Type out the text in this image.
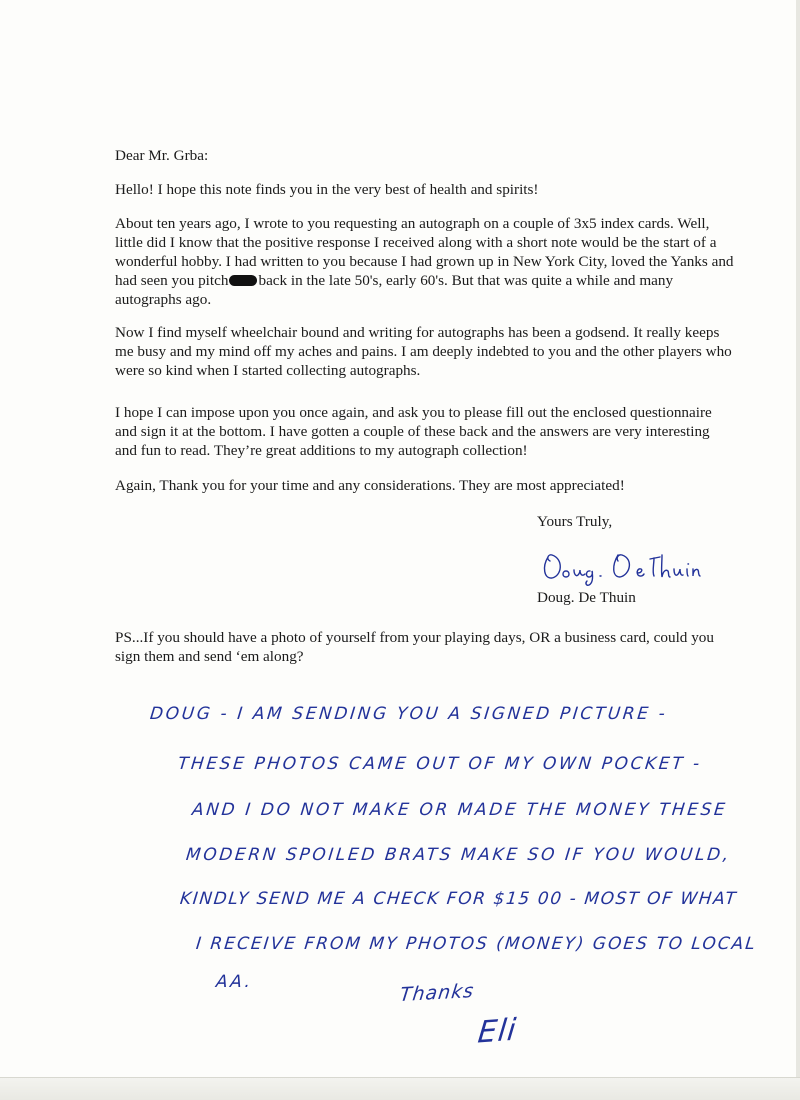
Dear Mr. Grba:

Hello! I hope this note finds you in the very best of health and spirits!

About ten years ago, I wrote to you requesting an autograph on a couple of 3x5 index cards. Well, little did I know that the positive response I received along with a short note would be the start of a wonderful hobby. I had written to you because I had grown up in New York City, loved the Yanks and had seen you pitch back in the late 50's, early 60's. But that was quite a while and many autographs ago.

Now I find myself wheelchair bound and writing for autographs has been a godsend. It really keeps me busy and my mind off my aches and pains. I am deeply indebted to you and the other players who were so kind when I started collecting autographs.

I hope I can impose upon you once again, and ask you to please fill out the enclosed questionnaire and sign it at the bottom. I have gotten a couple of these back and the answers are very interesting and fun to read. They’re great additions to my autograph collection!

Again, Thank you for your time and any considerations. They are most appreciated!

Yours Truly,

Doug. De Thuin

PS...If you should have a photo of yourself from your playing days, OR a business card, could you sign them and send ‘em along?

DOUG - I AM SENDING YOU A SIGNED PICTURE -
THESE PHOTOS CAME OUT OF MY OWN POCKET -
AND I DO NOT MAKE OR MADE THE MONEY THESE
MODERN SPOILED BRATS MAKE SO IF YOU WOULD,
KINDLY SEND ME A CHECK FOR $15 00 - MOST OF WHAT
I RECEIVE FROM MY PHOTOS (MONEY) GOES TO LOCAL
AA.	Thanks
Eli
